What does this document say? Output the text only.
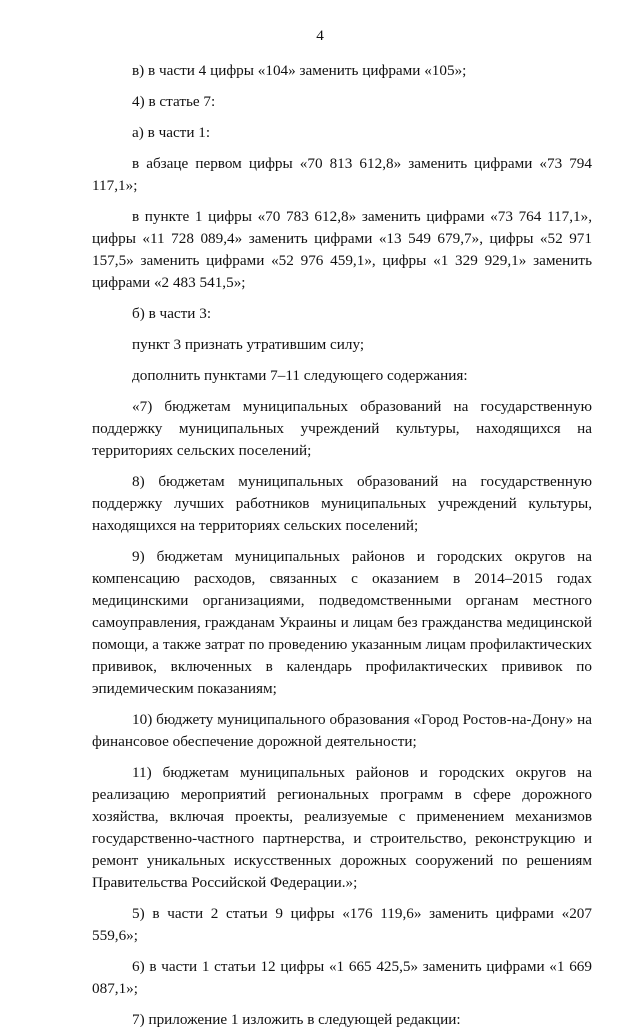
4

в) в части 4 цифры «104» заменить цифрами «105»;

4) в статье 7:

а) в части 1:

в абзаце первом цифры «70 813 612,8» заменить цифрами «73 794 117,1»;

в пункте 1 цифры «70 783 612,8» заменить цифрами «73 764 117,1», цифры «11 728 089,4» заменить цифрами «13 549 679,7», цифры «52 971 157,5» заменить цифрами «52 976 459,1», цифры «1 329 929,1» заменить цифрами «2 483 541,5»;

б) в части 3:

пункт 3 признать утратившим силу;

дополнить пунктами 7–11 следующего содержания:

«7) бюджетам муниципальных образований на государственную поддержку муниципальных учреждений культуры, находящихся на территориях сельских поселений;

8) бюджетам муниципальных образований на государственную поддержку лучших работников муниципальных учреждений культуры, находящихся на территориях сельских поселений;

9) бюджетам муниципальных районов и городских округов на компенсацию расходов, связанных с оказанием в 2014–2015 годах медицинскими организациями, подведомственными органам местного самоуправления, гражданам Украины и лицам без гражданства медицинской помощи, а также затрат по проведению указанным лицам профилактических прививок, включенных в календарь профилактических прививок по эпидемическим показаниям;

10) бюджету муниципального образования «Город Ростов-на-Дону» на финансовое обеспечение дорожной деятельности;

11) бюджетам муниципальных районов и городских округов на реализацию мероприятий региональных программ в сфере дорожного хозяйства, включая проекты, реализуемые с применением механизмов государственно-частного партнерства, и строительство, реконструкцию и ремонт уникальных искусственных дорожных сооружений по решениям Правительства Российской Федерации.»;

5) в части 2 статьи 9 цифры «176 119,6» заменить цифрами «207 559,6»;

6) в части 1 статьи 12 цифры «1 665 425,5» заменить цифрами «1 669 087,1»;

7) приложение 1 изложить в следующей редакции:
